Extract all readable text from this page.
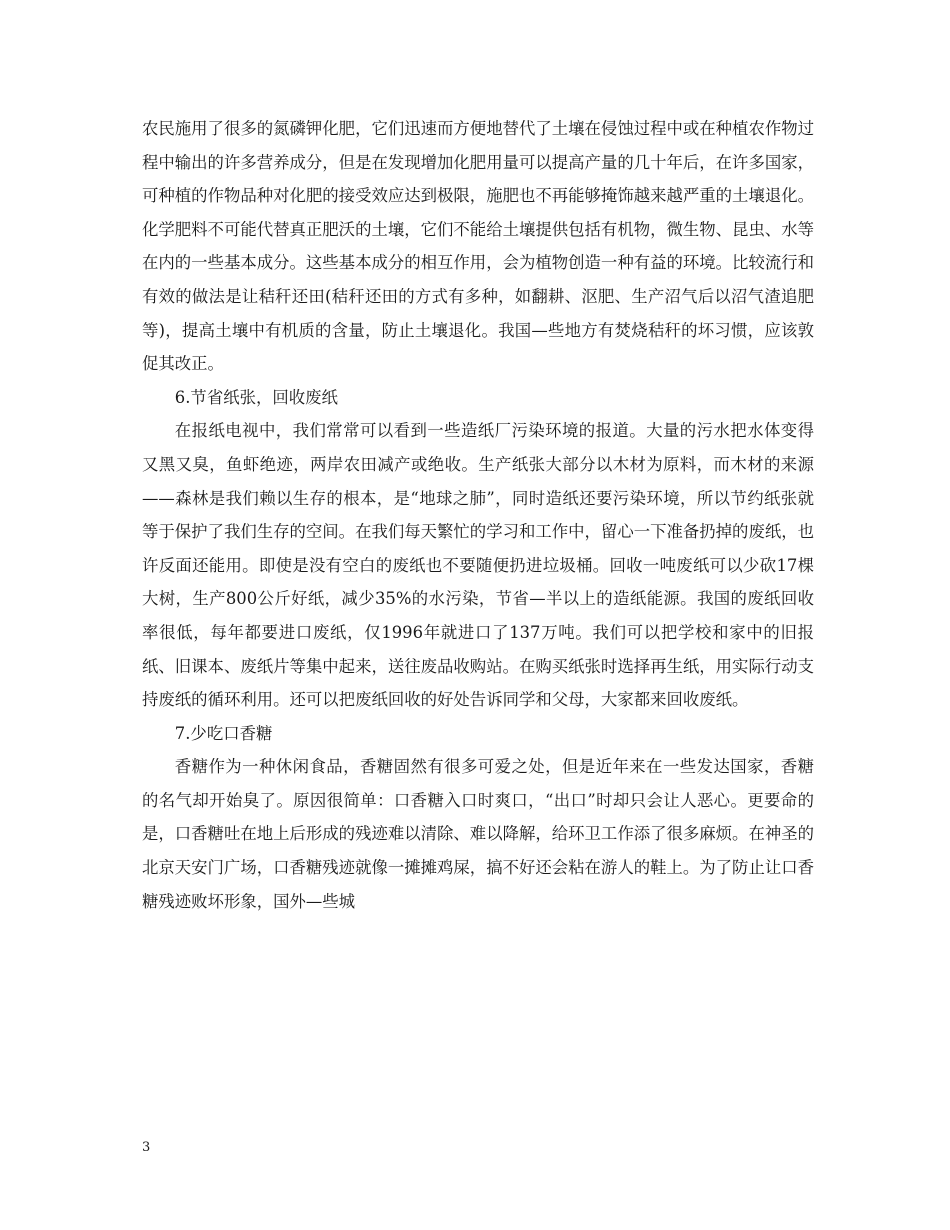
农民施用了很多的氮磷钾化肥，它们迅速而方便地替代了土壤在侵蚀过程中或在种植农作物过程中输出的许多营养成分，但是在发现增加化肥用量可以提高产量的几十年后，在许多国家，可种植的作物品种对化肥的接受效应达到极限，施肥也不再能够掩饰越来越严重的土壤退化。化学肥料不可能代替真正肥沃的土壤，它们不能给土壤提供包括有机物，微生物、昆虫、水等在内的一些基本成分。这些基本成分的相互作用，会为植物创造一种有益的环境。比较流行和有效的做法是让秸秆还田(秸秆还田的方式有多种，如翻耕、沤肥、生产沼气后以沼气渣追肥等)，提高土壤中有机质的含量，防止土壤退化。我国—些地方有焚烧秸秆的坏习惯，应该敦促其改正。

6.节省纸张，回收废纸

在报纸电视中，我们常常可以看到一些造纸厂污染环境的报道。大量的污水把水体变得又黑又臭，鱼虾绝迹，两岸农田减产或绝收。生产纸张大部分以木材为原料，而木材的来源——森林是我们赖以生存的根本，是“地球之肺”，同时造纸还要污染环境，所以节约纸张就等于保护了我们生存的空间。在我们每天繁忙的学习和工作中，留心一下准备扔掉的废纸，也许反面还能用。即使是没有空白的废纸也不要随便扔进垃圾桶。回收一吨废纸可以少砍17棵大树，生产800公斤好纸，减少35%的水污染，节省—半以上的造纸能源。我国的废纸回收率很低，每年都要进口废纸，仅1996年就进口了137万吨。我们可以把学校和家中的旧报纸、旧课本、废纸片等集中起来，送往废品收购站。在购买纸张时选择再生纸，用实际行动支持废纸的循环利用。还可以把废纸回收的好处告诉同学和父母，大家都来回收废纸。

7.少吃口香糖

香糖作为一种休闲食品，香糖固然有很多可爱之处，但是近年来在一些发达国家，香糖的名气却开始臭了。原因很简单：口香糖入口时爽口，“出口”时却只会让人恶心。更要命的是，口香糖吐在地上后形成的残迹难以清除、难以降解，给环卫工作添了很多麻烦。在神圣的北京天安门广场，口香糖残迹就像一摊摊鸡屎，搞不好还会粘在游人的鞋上。为了防止让口香糖残迹败坏形象，国外—些城

3
